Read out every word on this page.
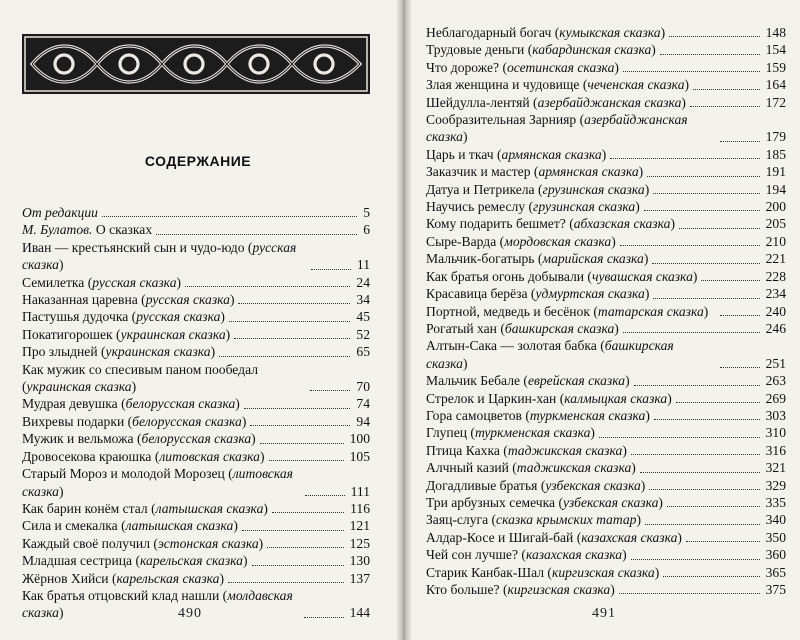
СОДЕРЖАНИЕ
От редакции	5
М. Булатов. О сказках	6
Иван — крестьянский сын и чудо-юдо (русская сказка)	11
Семилетка (русская сказка)	24
Наказанная царевна (русская сказка)	34
Пастушья дудочка (русская сказка)	45
Покатигорошек (украинская сказка)	52
Про злыдней (украинская сказка)	65
Как мужик со спесивым паном пообедал (украинская сказка)	70
Мудрая девушка (белорусская сказка)	74
Вихревы подарки (белорусская сказка)	94
Мужик и вельможа (белорусская сказка)	100
Дровосекова краюшка (литовская сказка)	105
Старый Мороз и молодой Морозец (литовская сказка)	111
Как барин конём стал (латышская сказка)	116
Сила и смекалка (латышская сказка)	121
Каждый своё получил (эстонская сказка)	125
Младшая сестрица (карельская сказка)	130
Жёрнов Хийси (карельская сказка)	137
Как братья отцовский клад нашли (молдавская сказка)	144
490
Неблагодарный богач (кумыкская сказка)	148
Трудовые деньги (кабардинская сказка)	154
Что дороже? (осетинская сказка)	159
Злая женщина и чудовище (чеченская сказка)	164
Шейдулла-лентяй (азербайджанская сказка)	172
Сообразительная Зарнияр (азербайджанская сказка)	179
Царь и ткач (армянская сказка)	185
Заказчик и мастер (армянская сказка)	191
Датуа и Петрикела (грузинская сказка)	194
Научись ремеслу (грузинская сказка)	200
Кому подарить бешмет? (абхазская сказка)	205
Сыре-Варда (мордовская сказка)	210
Мальчик-богатырь (марийская сказка)	221
Как братья огонь добывали (чувашская сказка)	228
Красавица берёза (удмуртская сказка)	234
Портной, медведь и бесёнок (татарская сказка)	240
Рогатый хан (башкирская сказка)	246
Алтын-Сака — золотая бабка (башкирская сказка)	251
Мальчик Бебале (еврейская сказка)	263
Стрелок и Царкин-хан (калмыцкая сказка)	269
Гора самоцветов (туркменская сказка)	303
Глупец (туркменская сказка)	310
Птица Кахка (таджикская сказка)	316
Алчный казий (таджикская сказка)	321
Догадливые братья (узбекская сказка)	329
Три арбузных семечка (узбекская сказка)	335
Заяц-слуга (сказка крымских татар)	340
Алдар-Косе и Шигай-бай (казахская сказка)	350
Чей сон лучше? (казахская сказка)	360
Старик Канбак-Шал (киргизская сказка)	365
Кто больше? (киргизская сказка)	375
491
